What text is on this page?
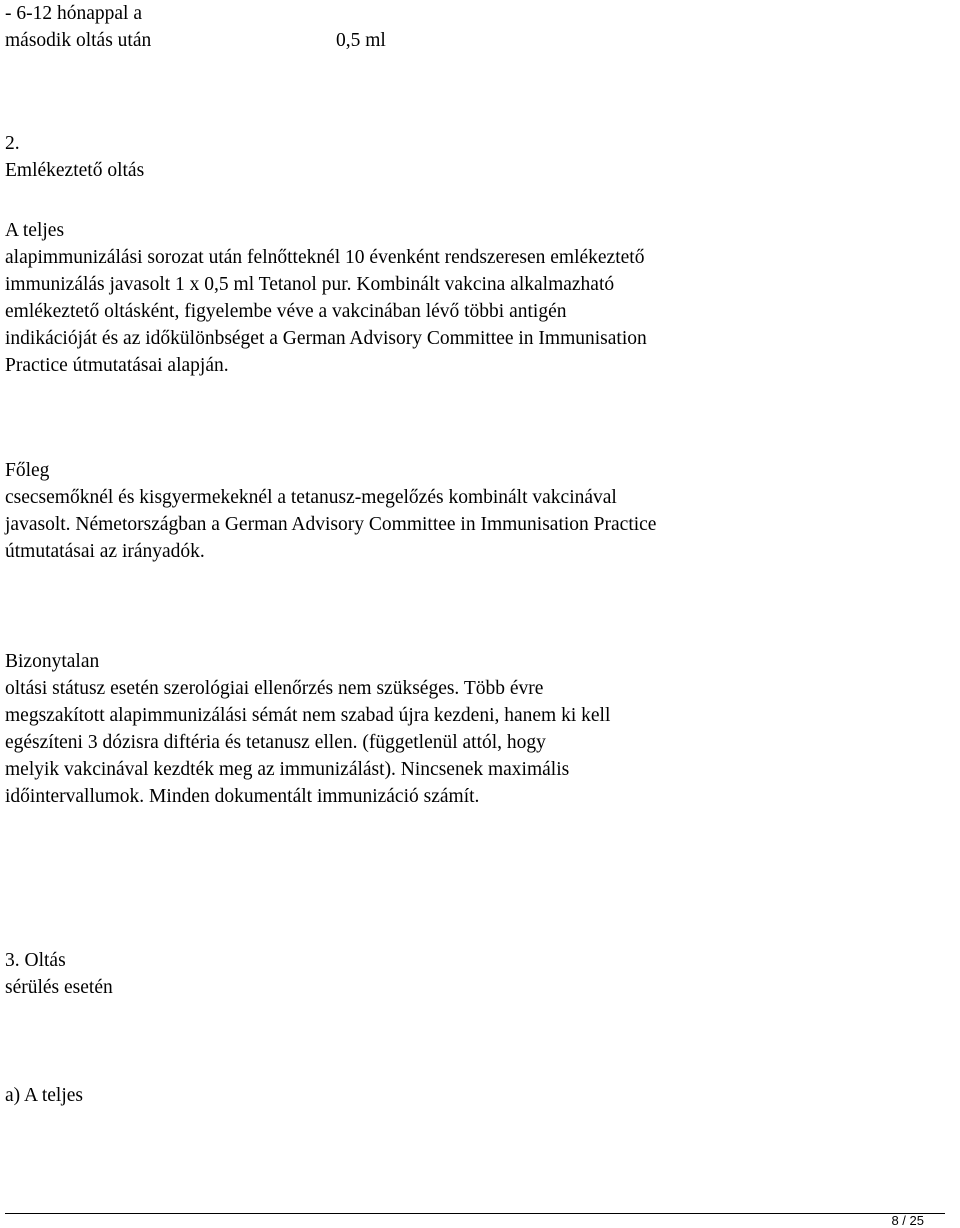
- 6-12 hónappal a
második oltás után	0,5 ml

2.
Emlékeztető oltás

A teljes
alapimmunizálási sorozat után felnőtteknél 10 évenként rendszeresen emlékeztető
immunizálás javasolt 1 x 0,5 ml Tetanol pur. Kombinált vakcina alkalmazható
emlékeztető oltásként, figyelembe véve a vakcinában lévő többi antigén
indikációját és az időkülönbséget a German Advisory Committee in Immunisation
Practice útmutatásai alapján.

Főleg
csecsemőknél és kisgyermekeknél a tetanusz-megelőzés kombinált vakcinával
javasolt. Németországban a German Advisory Committee in Immunisation Practice
útmutatásai az irányadók.

Bizonytalan
oltási státusz esetén szerológiai ellenőrzés nem szükséges. Több évre
megszakított alapimmunizálási sémát nem szabad újra kezdeni, hanem ki kell
egészíteni 3 dózisra diftéria és tetanusz ellen. (függetlenül attól, hogy
melyik vakcinával kezdték meg az immunizálást). Nincsenek maximális
időintervallumok. Minden dokumentált immunizáció számít.

3. Oltás
sérülés esetén

a) A teljes

8 / 25
